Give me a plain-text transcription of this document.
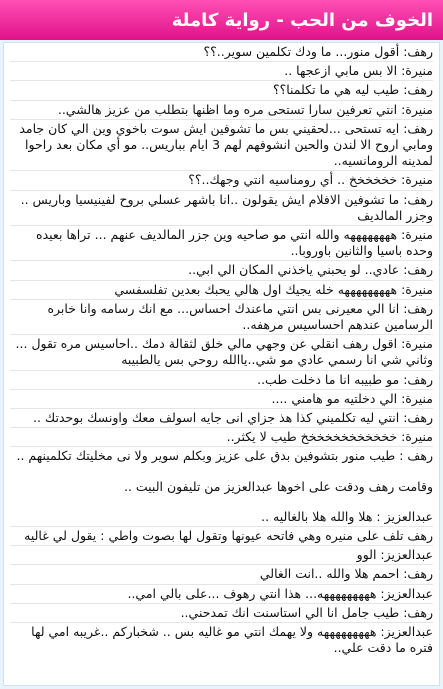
الخوف من الحب - رواية كاملة
رهف: أقول منور... ما ودك تكلمين سوير..؟؟
منيرة: الا بس مابي ازعجها ..
رهف: طيب ليه هي ما تكلمنا؟؟
منيرة: انتي تعرفين سارا تستحى مره وما اظنها بتطلب من عزيز هالشي..
رهف: ايه تستحى ...لحقيني بس ما تشوفين ايش سوت باخوي وين الي كان جامد ومابي اروح الا لندن والحين انشوفهم لهم 3 ايام بباريس.. مو أي مكان بعد راحوا لمدينه الرومانسيه..
منيرة: خخخخخخ .. أي رومناسيه انتي وجهك..؟؟
رهف: ما تشوفين الافلام ايش يقولون ..انا باشهر عسلي بروح لفينيسيا وباريس .. وجزر المالديف
منيرة: ههههههههه والله انتي مو صاحيه وين جزر المالديف عنهم ... تراها بعيده وحده باسيا والثانين باوروبا..
رهف: عادي.. لو يحبني ياخذني المكان الي ابي..
منيرة: هههههههههه خله يجيك اول هالي يحبك بعدين تفلسفسي
رهف: انا الي معيرنى بس انتي ماعندك احساس... مع انك رسامه وانا خابره الرسامين عندهم احساسيس مرهفه..
منيرة: اقول رهف انقلي عن وجهي مالي خلق لثقالة دمك ..احاسيس مره تقول ... وثاني شي انا رسمي عادي مو شي..ياالله روحي بس يالطبيبه
رهف: مو طبيبه انا ما دخلت طب..
منيرة: الي دخلتيه مو هامني ....
رهف: انتي ليه تكلميني كذا هذ جزاي انى جايه اسولف معك واونسك بوحدتك ..
منيرة: خخخخخخخخخخخخ طيب لا يكثر..
رهف : طيب منور بتشوفين بدق على عزيز وبكلم سوير ولا نى مخليتك تكلمينهم ..
وقامت رهف ودقت على اخوها عبدالعزيز من تليفون البيت ..
عبدالعزيز : هلا والله هلا بالغاليه ..
رهف تلف على منيره وهي فاتحه عيونها وتقول لها بصوت واطي : يقول لي غاليه
عبدالعزيز: الوو
رهف: احمم هلا والله ..انت الغالي
عبدالعزيز: هههههههههه... هذا انتي رهوف ...على بالي امي..
رهف: طيب جامل انا الي استاسنت انك تمدحني..
عبدالعزيز: هههههههههه ولا يهمك انتي مو غاليه بس .. شخبارکم ..غريبه امي لها فتره ما دقت علي..
